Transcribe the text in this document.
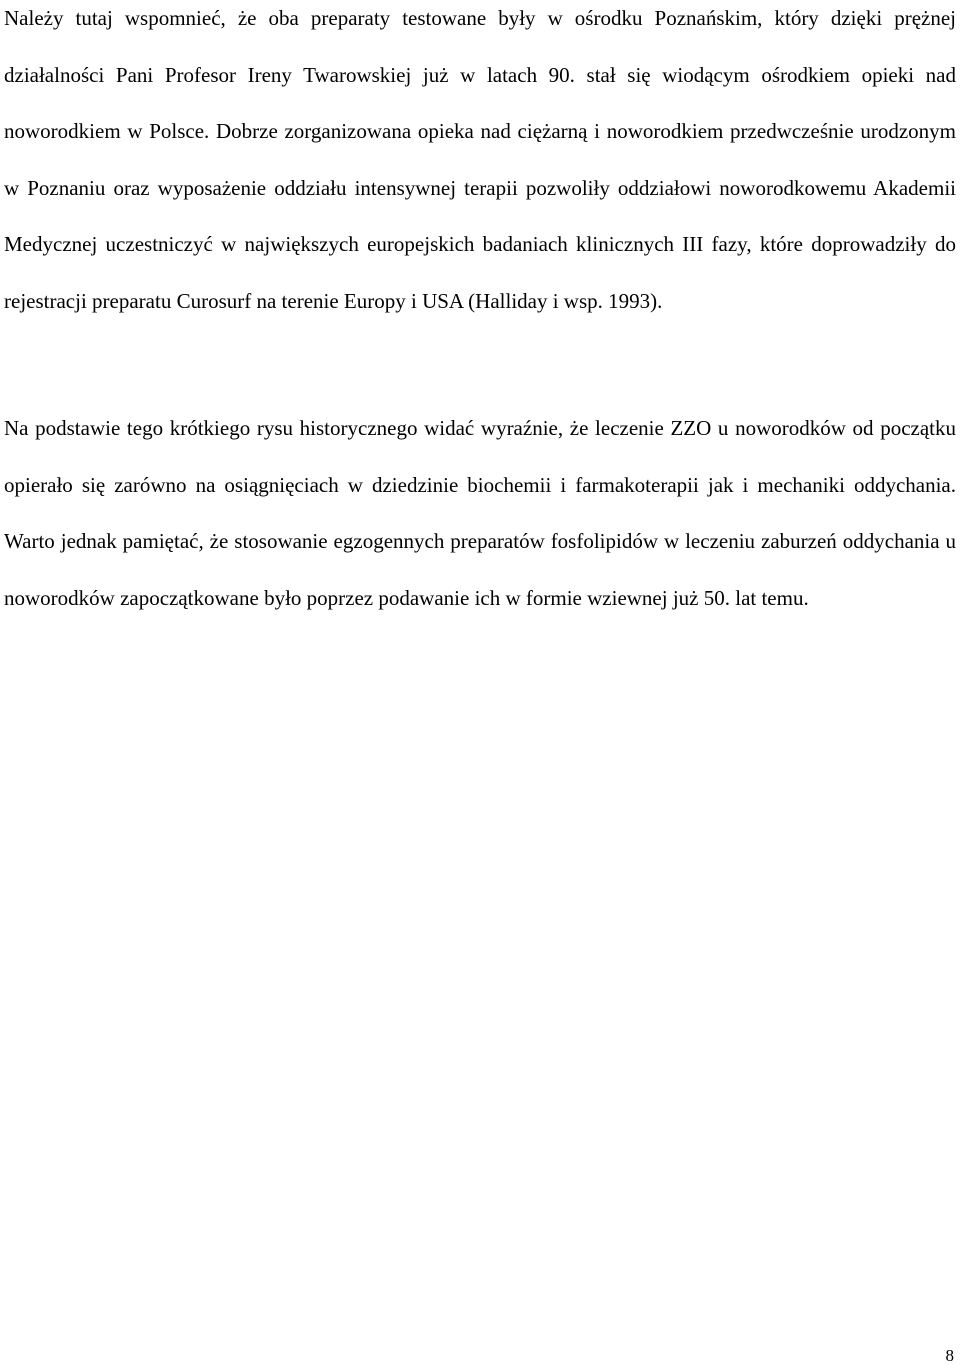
Należy tutaj wspomnieć, że oba preparaty testowane były w ośrodku Poznańskim, który dzięki prężnej działalności Pani Profesor Ireny Twarowskiej już w latach 90. stał się wiodącym ośrodkiem opieki nad noworodkiem w Polsce. Dobrze zorganizowana opieka nad ciężarną i noworodkiem przedwcześnie urodzonym w Poznaniu oraz wyposażenie oddziału intensywnej terapii pozwoliły oddziałowi noworodkowemu Akademii Medycznej uczestniczyć w największych europejskich badaniach klinicznych III fazy, które doprowadziły do rejestracji preparatu Curosurf na terenie Europy i USA (Halliday i wsp. 1993).

Na podstawie tego krótkiego rysu historycznego widać wyraźnie, że leczenie ZZO u noworodków od początku opierało się zarówno na osiągnięciach w dziedzinie biochemii i farmakoterapii jak i mechaniki oddychania. Warto jednak pamiętać, że stosowanie egzogennych preparatów fosfolipidów w leczeniu zaburzeń oddychania u noworodków zapoczątkowane było poprzez podawanie ich w formie wziewnej już 50. lat temu.

8
